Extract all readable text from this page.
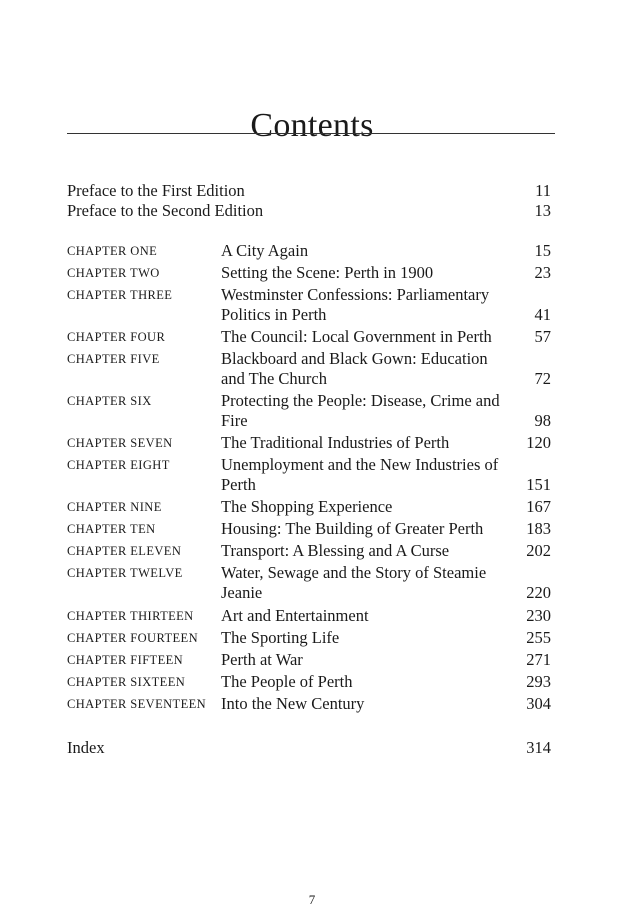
Contents
Preface to the First Edition	11
Preface to the Second Edition	13
CHAPTER ONE	A City Again	15
CHAPTER TWO	Setting the Scene: Perth in 1900	23
CHAPTER THREE	Westminster Confessions: Parliamentary Politics in Perth	41
CHAPTER FOUR	The Council: Local Government in Perth	57
CHAPTER FIVE	Blackboard and Black Gown: Education and The Church	72
CHAPTER SIX	Protecting the People: Disease, Crime and Fire	98
CHAPTER SEVEN	The Traditional Industries of Perth	120
CHAPTER EIGHT	Unemployment and the New Industries of Perth	151
CHAPTER NINE	The Shopping Experience	167
CHAPTER TEN	Housing: The Building of Greater Perth	183
CHAPTER ELEVEN Transport: A Blessing and A Curse	202
CHAPTER TWELVE Water, Sewage and the Story of Steamie Jeanie	220
CHAPTER THIRTEEN Art and Entertainment	230
CHAPTER FOURTEEN The Sporting Life	255
CHAPTER FIFTEEN Perth at War	271
CHAPTER SIXTEEN The People of Perth	293
CHAPTER SEVENTEEN Into the New Century	304
Index	314
7
